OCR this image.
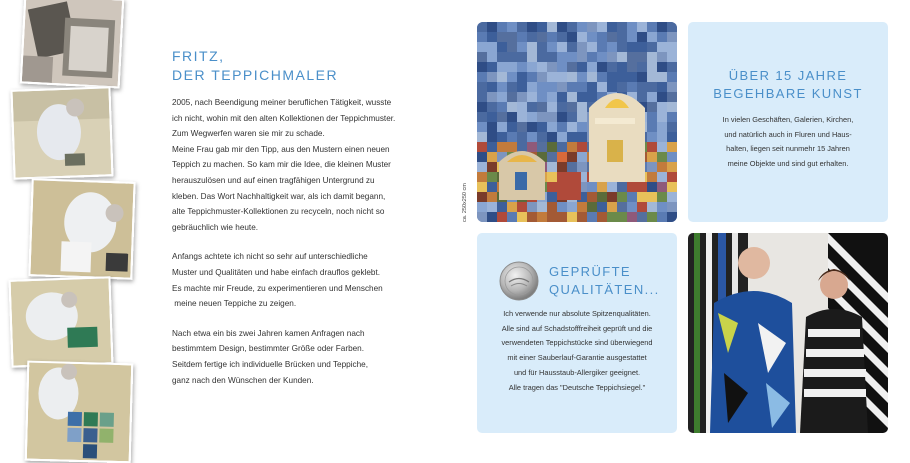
FRITZ,
DER TEPPICHMALER

2005, nach Beendigung meiner beruflichen Tätigkeit, wusste
ich nicht, wohin mit den alten Kollektionen der Teppichmuster.
Zum Wegwerfen waren sie mir zu schade.
Meine Frau gab mir den Tipp, aus den Mustern einen neuen
Teppich zu machen. So kam mir die Idee, die kleinen Muster
herauszulösen und auf einen tragfähigen Untergrund zu
kleben. Das Wort Nachhaltigkeit war, als ich damit begann,
alte Teppichmuster-Kollektionen zu recyceln, noch nicht so
gebräuchlich wie heute.

Anfangs achtete ich nicht so sehr auf unterschiedliche
Muster und Qualitäten und habe einfach drauflos geklebt.
Es machte mir Freude, zu experimentieren und Menschen
meine neuen Teppiche zu zeigen.

Nach etwa ein bis zwei Jahren kamen Anfragen nach
bestimmtem Design, bestimmter Größe oder Farben.
Seitdem fertige ich individuelle Brücken und Teppiche,
ganz nach den Wünschen der Kunden.

ca. 250x250 cm
ÜBER 15 JAHRE
BEGEHBARE KUNST

In vielen Geschäften, Galerien, Kirchen,
und natürlich auch in Fluren und Haus-
halten, liegen seit nunmehr 15 Jahren
meine Objekte und sind gut erhalten.

GEPRÜFTE
QUALITÄTEN...

Ich verwende nur absolute Spitzenqualitäten.
Alle sind auf Schadstofffreiheit geprüft und die
verwendeten Teppichstücke sind überwiegend
mit einer Sauberlauf-Garantie ausgestattet
und für Hausstaub-Allergiker geeignet.
Alle tragen das "Deutsche Teppichsiegel."
